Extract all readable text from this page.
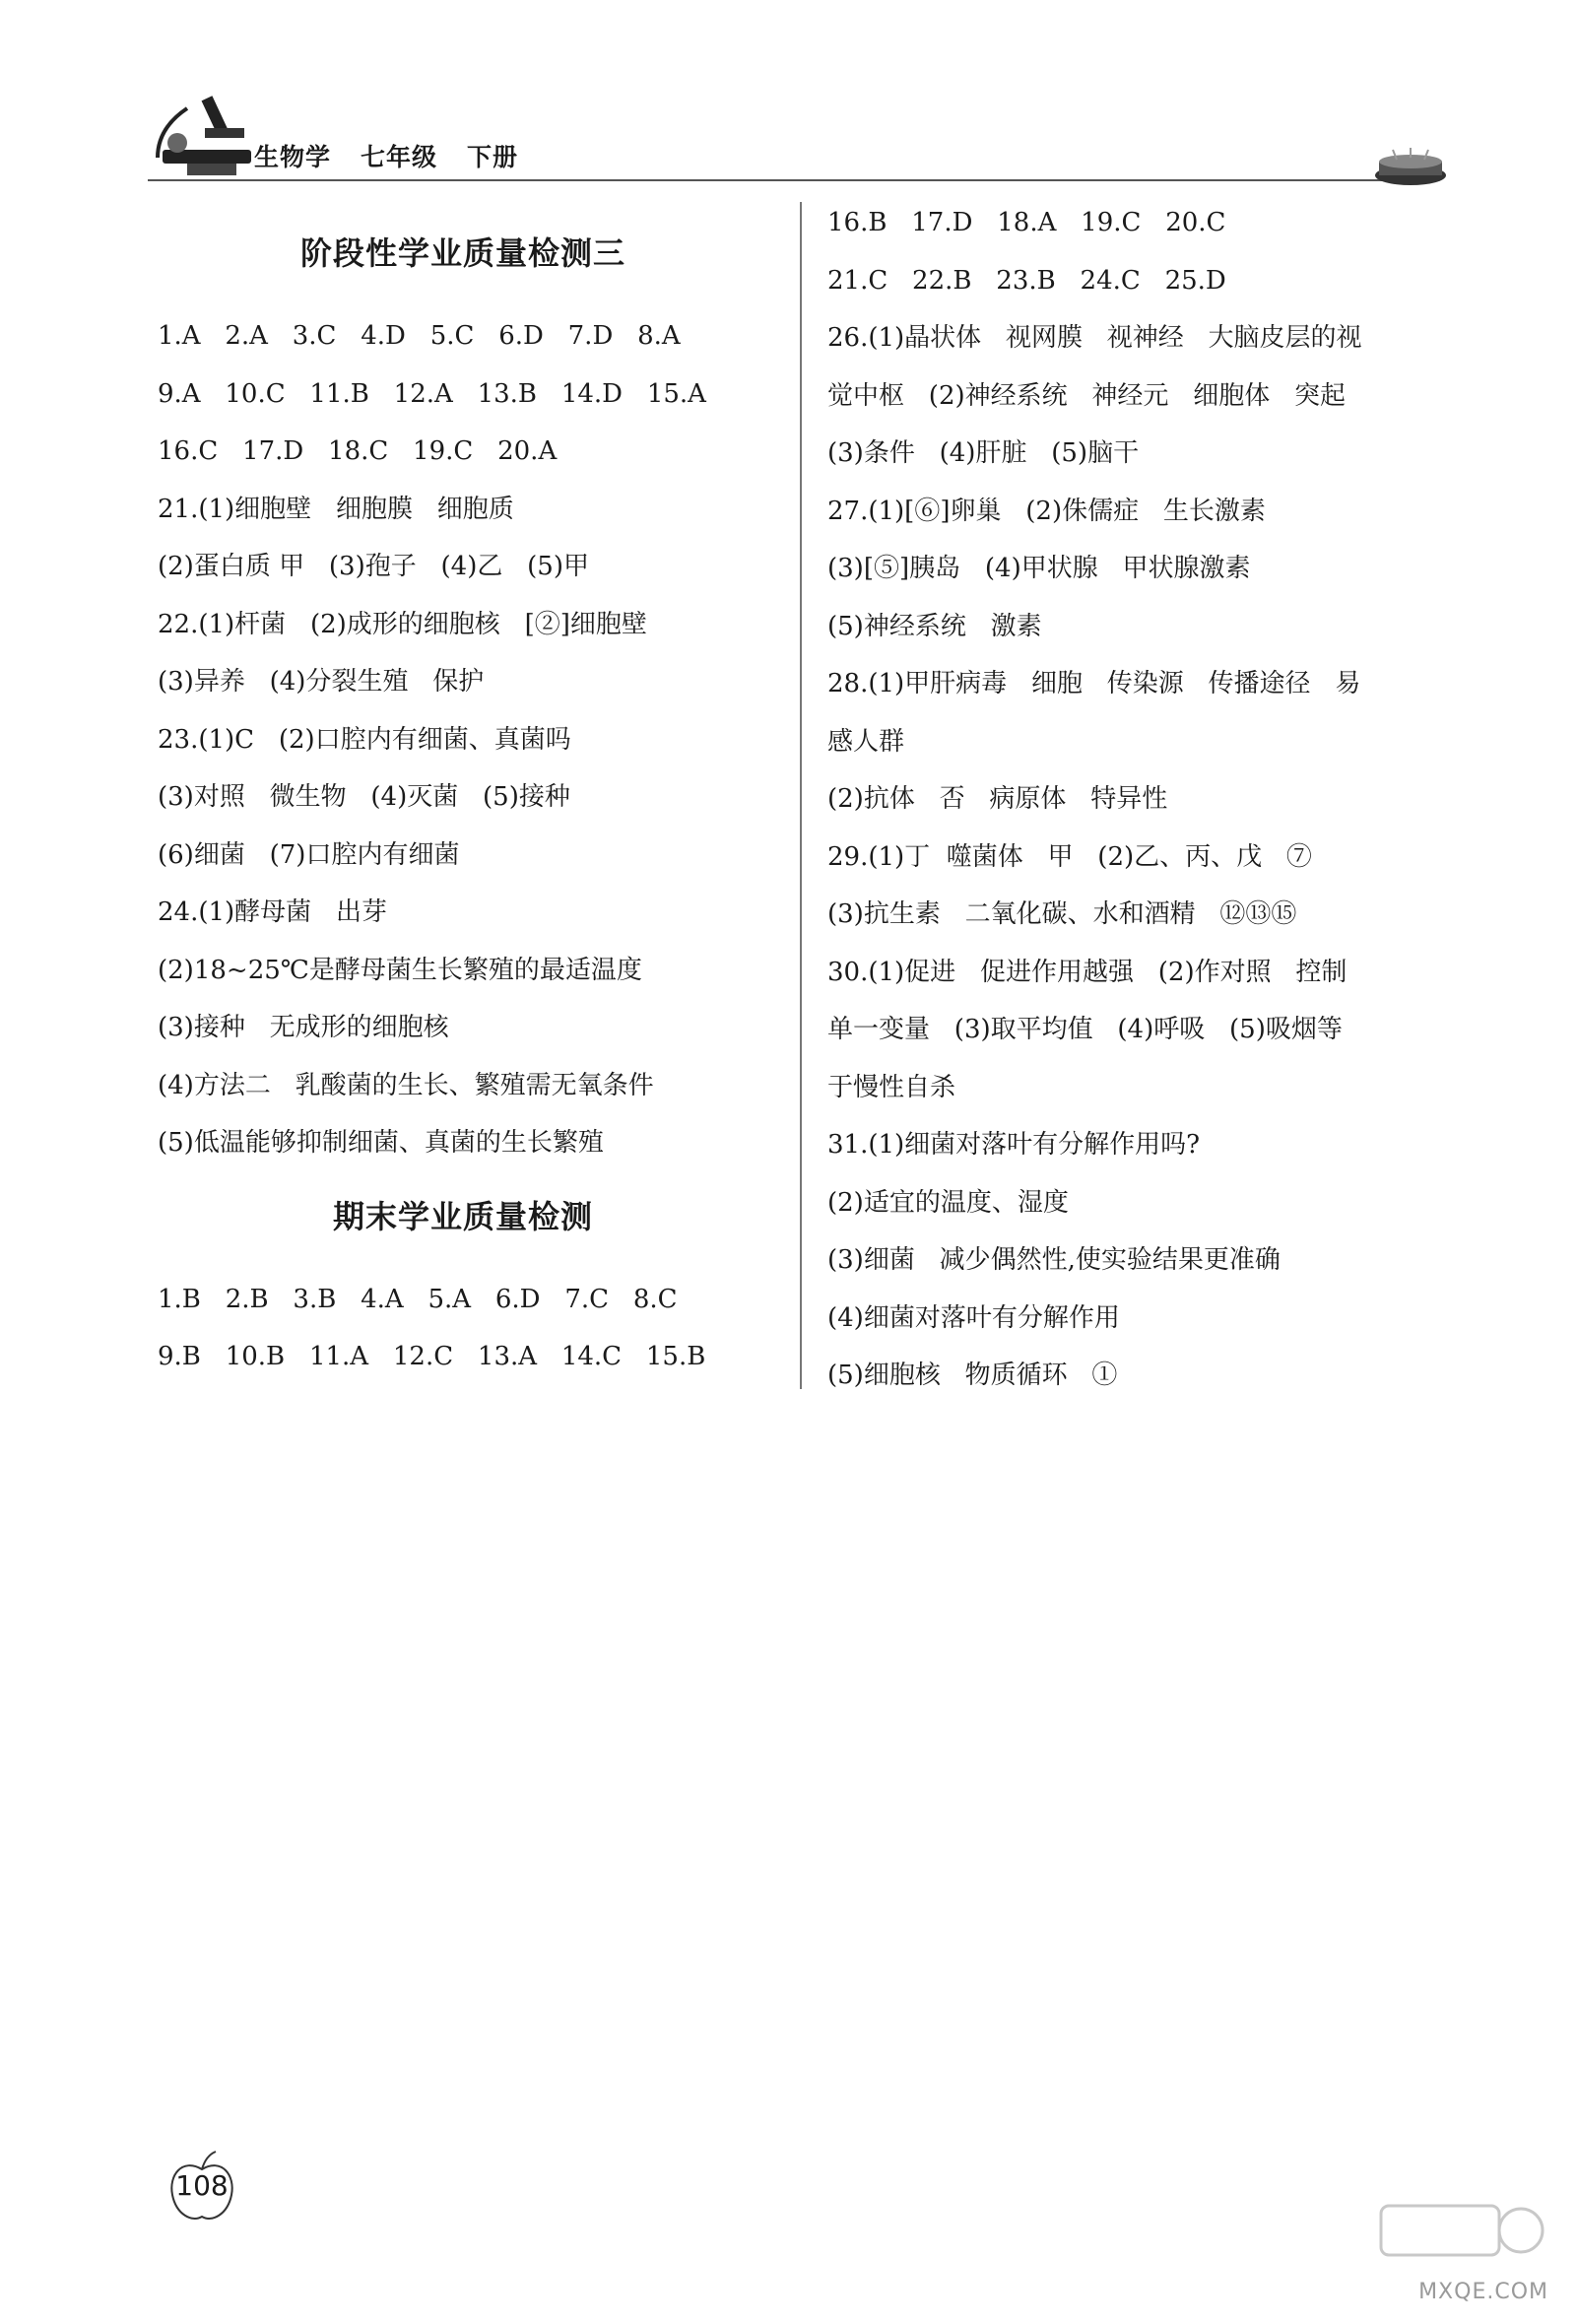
生物学 七年级 下册
阶段性学业质量检测三
1.A   2.A   3.C   4.D   5.C   6.D   7.D   8.A
9.A   10.C   11.B   12.A   13.B   14.D   15.A
16.C   17.D   18.C   19.C   20.A
21.(1)细胞壁   细胞膜   细胞质
(2)蛋白质 甲   (3)孢子   (4)乙   (5)甲
22.(1)杆菌   (2)成形的细胞核   [②]细胞壁
(3)异养   (4)分裂生殖   保护
23.(1)C   (2)口腔内有细菌、真菌吗
(3)对照   微生物   (4)灭菌   (5)接种
(6)细菌   (7)口腔内有细菌
24.(1)酵母菌   出芽
(2)18~25℃是酵母菌生长繁殖的最适温度
(3)接种   无成形的细胞核
(4)方法二   乳酸菌的生长、繁殖需无氧条件
(5)低温能够抑制细菌、真菌的生长繁殖
期末学业质量检测
1.B   2.B   3.B   4.A   5.A   6.D   7.C   8.C
9.B   10.B   11.A   12.C   13.A   14.C   15.B
16.B   17.D   18.A   19.C   20.C
21.C   22.B   23.B   24.C   25.D
26.(1)晶状体   视网膜   视神经   大脑皮层的视
觉中枢   (2)神经系统   神经元   细胞体   突起
(3)条件   (4)肝脏   (5)脑干
27.(1)[⑥]卵巢   (2)侏儒症   生长激素
(3)[⑤]胰岛   (4)甲状腺   甲状腺激素
(5)神经系统   激素
28.(1)甲肝病毒   细胞   传染源   传播途径   易
感人群
(2)抗体   否   病原体   特异性
29.(1)丁  噬菌体   甲   (2)乙、丙、戊   ⑦
(3)抗生素   二氧化碳、水和酒精   ⑫⑬⑮
30.(1)促进   促进作用越强   (2)作对照   控制
单一变量   (3)取平均值   (4)呼吸   (5)吸烟等
于慢性自杀
31.(1)细菌对落叶有分解作用吗?
(2)适宜的温度、湿度
(3)细菌   减少偶然性,使实验结果更准确
(4)细菌对落叶有分解作用
(5)细胞核   物质循环   ①
108
MXQE.COM
